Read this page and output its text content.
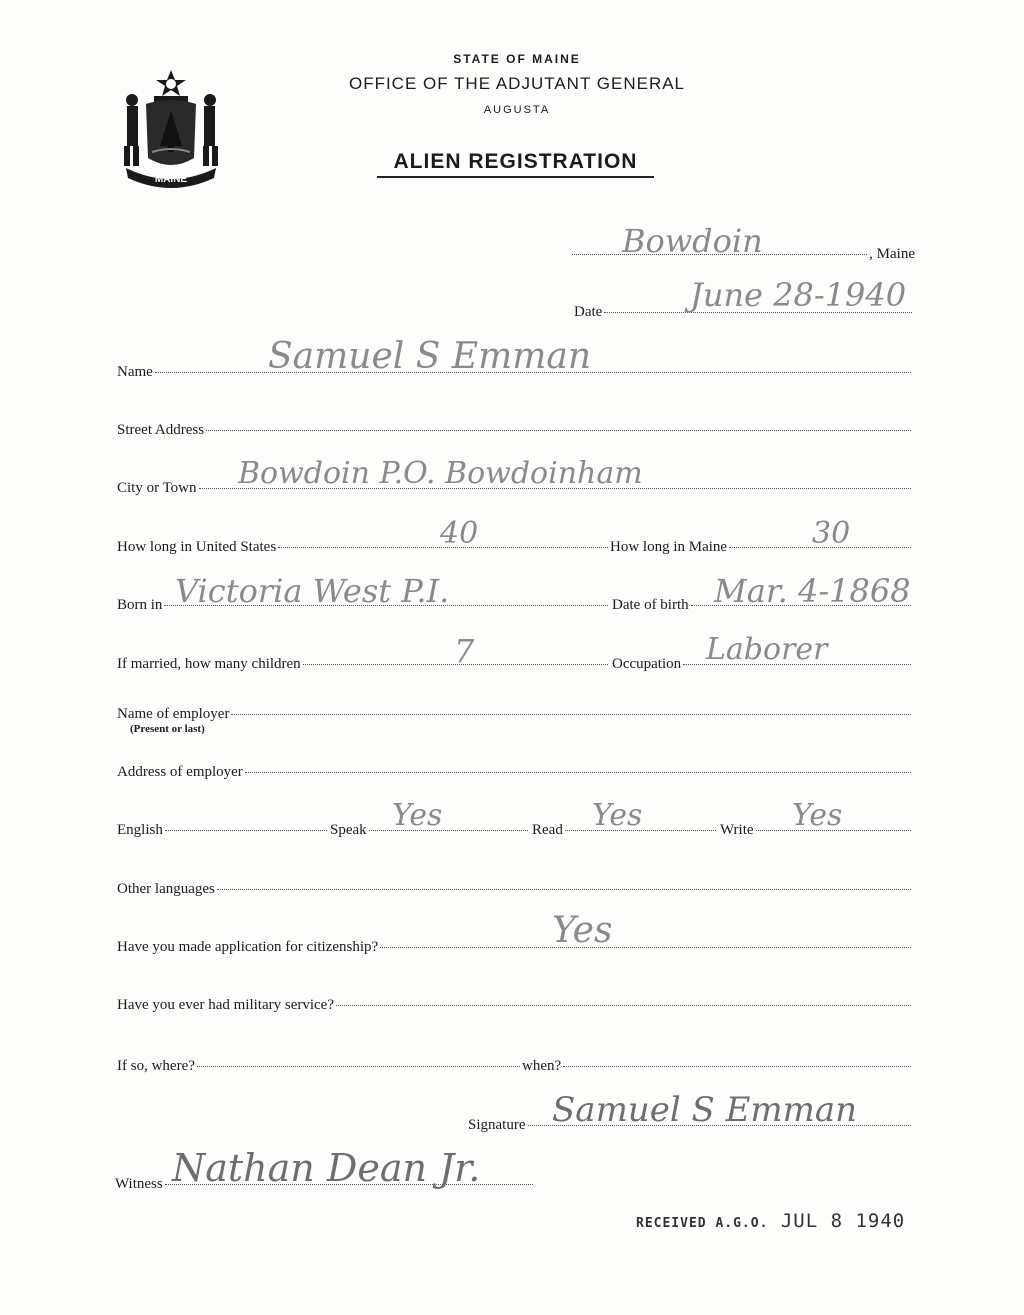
MAINE
STATE OF MAINE
OFFICE OF THE ADJUTANT GENERAL
AUGUSTA
ALIEN REGISTRATION
, Maine
Bowdoin
Date	June 28-1940
Name	Samuel S Emman
Street Address
City or Town Bowdoin P.O. Bowdoinham
How long in United States	40	How long in Maine	30
Born in Victoria West P.I.	Date of birth Mar. 4-1868
If married, how many children	7	Occupation Laborer
Name of employer
(Present or last)
Address of employer
English	Speak Yes	Read Yes	Write Yes
Other languages
Have you made application for citizenship?	Yes
Have you ever had military service?
If so, where?	when?
Signature Samuel S Emman
Witness Nathan Dean Jr.
RECEIVED A.G.O. JUL 8 1940
